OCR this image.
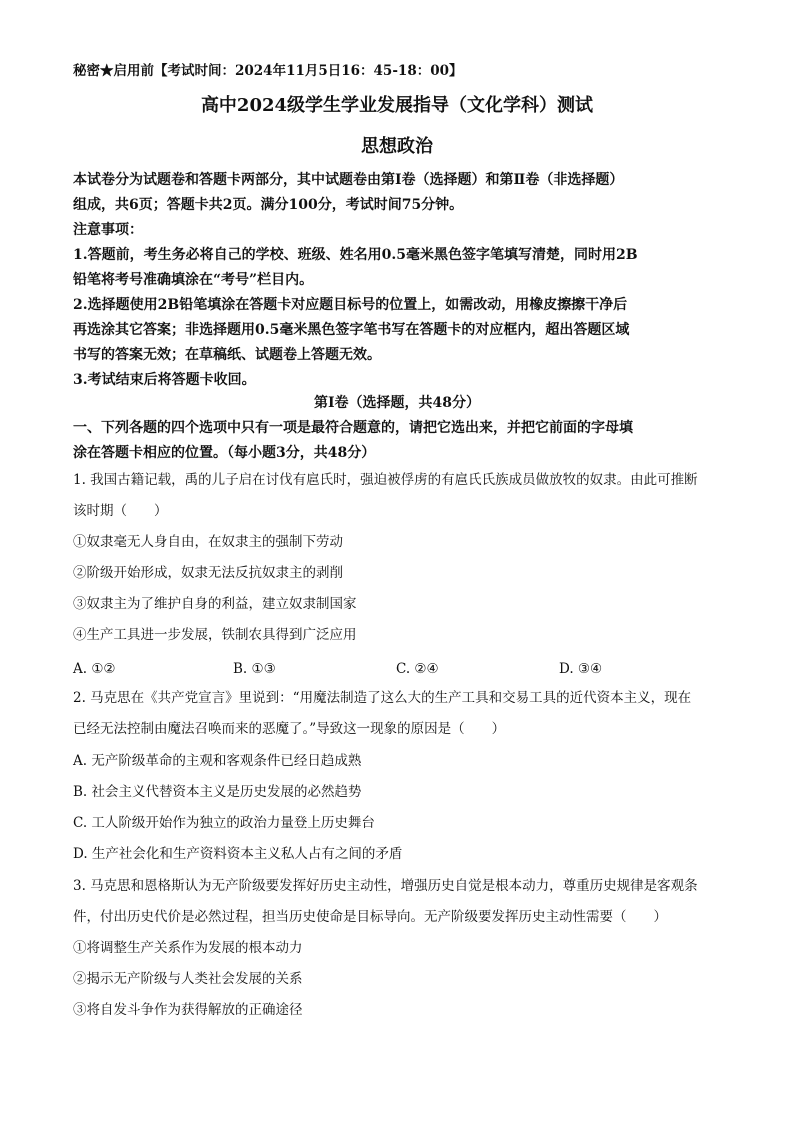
秘密★启用前【考试时间：2024年11月5日16：45-18：00】
高中2024级学生学业发展指导（文化学科）测试
思想政治
本试卷分为试题卷和答题卡两部分，其中试题卷由第Ⅰ卷（选择题）和第Ⅱ卷（非选择题）
组成，共6页；答题卡共2页。满分100分，考试时间75分钟。
注意事项：
1.答题前，考生务必将自己的学校、班级、姓名用0.5毫米黑色签字笔填写清楚，同时用2B
铅笔将考号准确填涂在“考号”栏目内。
2.选择题使用2B铅笔填涂在答题卡对应题目标号的位置上，如需改动，用橡皮擦擦干净后
再选涂其它答案；非选择题用0.5毫米黑色签字笔书写在答题卡的对应框内，超出答题区域
书写的答案无效；在草稿纸、试题卷上答题无效。
3.考试结束后将答题卡收回。
第Ⅰ卷（选择题，共48分）
一、下列各题的四个选项中只有一项是最符合题意的，请把它选出来，并把它前面的字母填
涂在答题卡相应的位置。（每小题3分，共48分）
1. 我国古籍记载，禹的儿子启在讨伐有扈氏时，强迫被俘虏的有扈氏氏族成员做放牧的奴隶。由此可推断
该时期（　　）
①奴隶毫无人身自由，在奴隶主的强制下劳动
②阶级开始形成，奴隶无法反抗奴隶主的剥削
③奴隶主为了维护自身的利益，建立奴隶制国家
④生产工具进一步发展，铁制农具得到广泛应用
A. ①②	B. ①③	C. ②④	D. ③④
2. 马克思在《共产党宣言》里说到：“用魔法制造了这么大的生产工具和交易工具的近代资本主义，现在
已经无法控制由魔法召唤而来的恶魔了。”导致这一现象的原因是（　　）
A. 无产阶级革命的主观和客观条件已经日趋成熟
B. 社会主义代替资本主义是历史发展的必然趋势
C. 工人阶级开始作为独立的政治力量登上历史舞台
D. 生产社会化和生产资料资本主义私人占有之间的矛盾
3. 马克思和恩格斯认为无产阶级要发挥好历史主动性，增强历史自觉是根本动力，尊重历史规律是客观条
件，付出历史代价是必然过程，担当历史使命是目标导向。无产阶级要发挥历史主动性需要（　　）
①将调整生产关系作为发展的根本动力
②揭示无产阶级与人类社会发展的关系
③将自发斗争作为获得解放的正确途径
